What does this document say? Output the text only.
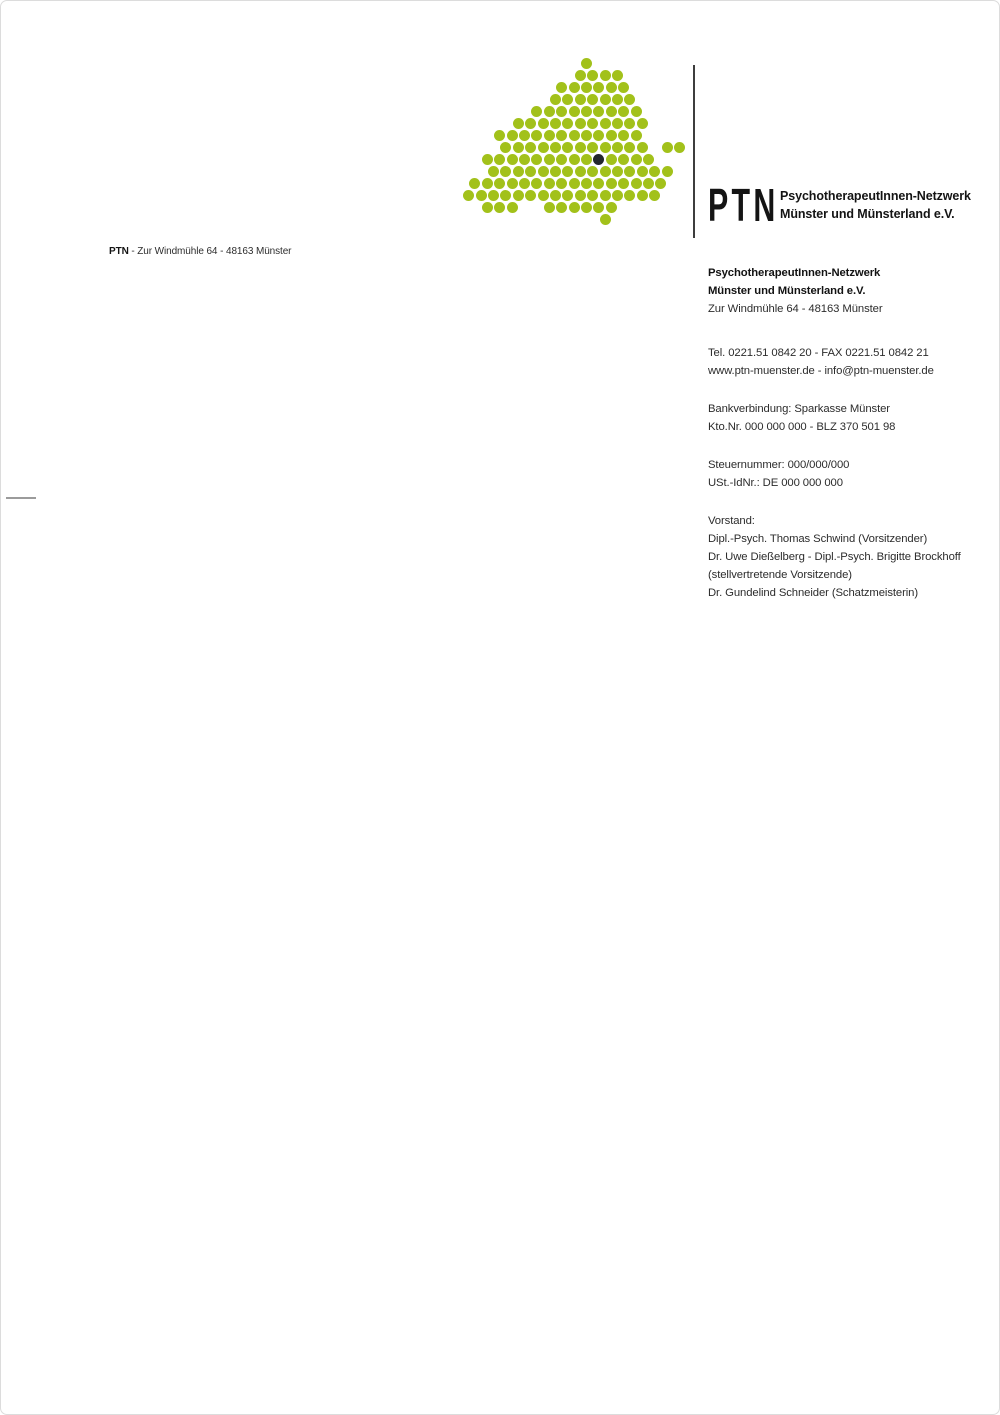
PTN PsychotherapeutInnen-Netzwerk
Münster und Münsterland e.V.
PTN - Zur Windmühle 64 - 48163 Münster
PsychotherapeutInnen-Netzwerk
Münster und Münsterland e.V.
Zur Windmühle 64 - 48163 Münster
Tel. 0221.51 0842 20 - FAX 0221.51 0842 21
www.ptn-muenster.de - info@ptn-muenster.de
Bankverbindung: Sparkasse Münster
Kto.Nr. 000 000 000 - BLZ 370 501 98
Steuernummer: 000/000/000
USt.-IdNr.: DE 000 000 000
Vorstand:
Dipl.-Psych. Thomas Schwind (Vorsitzender)
Dr. Uwe Dießelberg - Dipl.-Psych. Brigitte Brockhoff
(stellvertretende Vorsitzende)
Dr. Gundelind Schneider (Schatzmeisterin)
